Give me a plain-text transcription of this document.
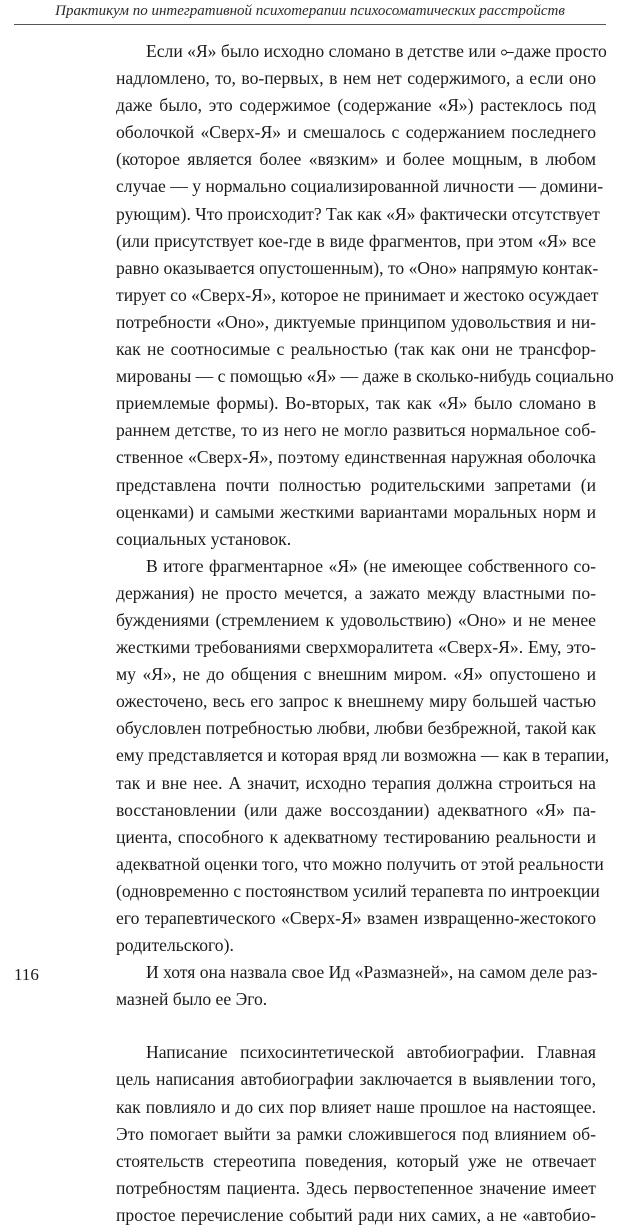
Практикум по интегративной психотерапии психосоматических расстройств
Если «Я» было исходно сломано в детстве или ⟜даже просто
надломлено, то, во-первых, в нем нет содержимого, а если оно
даже было, это содержимое (содержание «Я») растеклось под
оболочкой «Сверх-Я» и смешалось с содержанием последнего
(которое является более «вязким» и более мощным, в любом
случае — у нормально социализированной личности — домини-
рующим). Что происходит? Так как «Я» фактически отсутствует
(или присутствует кое-где в виде фрагментов, при этом «Я» все
равно оказывается опустошенным), то «Оно» напрямую контак-
тирует со «Сверх-Я», которое не принимает и жестоко осуждает
потребности «Оно», диктуемые принципом удовольствия и ни-
как не соотносимые с реальностью (так как они не трансфор-
мированы — с помощью «Я» — даже в сколько-нибудь социально
приемлемые формы). Во-вторых, так как «Я» было сломано в
раннем детстве, то из него не могло развиться нормальное соб-
ственное «Сверх-Я», поэтому единственная наружная оболочка
представлена почти полностью родительскими запретами (и
оценками) и самыми жесткими вариантами моральных норм и
социальных установок.
В итоге фрагментарное «Я» (не имеющее собственного со-
держания) не просто мечется, а зажато между властными по-
буждениями (стремлением к удовольствию) «Оно» и не менее
жесткими требованиями сверхморалитета «Сверх-Я». Ему, это-
му «Я», не до общения с внешним миром. «Я» опустошено и
ожесточено, весь его запрос к внешнему миру большей частью
обусловлен потребностью любви, любви безбрежной, такой как
ему представляется и которая вряд ли возможна — как в терапии,
так и вне нее. А значит, исходно терапия должна строиться на
восстановлении (или даже воссоздании) адекватного «Я» па-
циента, способного к адекватному тестированию реальности и
адекватной оценки того, что можно получить от этой реальности
(одновременно с постоянством усилий терапевта по интроекции
его терапевтического «Сверх-Я» взамен извращенно-жестокого
родительского).
И хотя она назвала свое Ид «Размазней», на самом деле раз-
мазней было ее Эго.
Написание психосинтетической автобиографии. Главная
цель написания автобиографии заключается в выявлении того,
как повлияло и до сих пор влияет наше прошлое на настоящее.
Это помогает выйти за рамки сложившегося под влиянием об-
стоятельств стереотипа поведения, который уже не отвечает
потребностям пациента. Здесь первостепенное значение имеет
простое перечисление событий ради них самих, а не «автобио-
116
